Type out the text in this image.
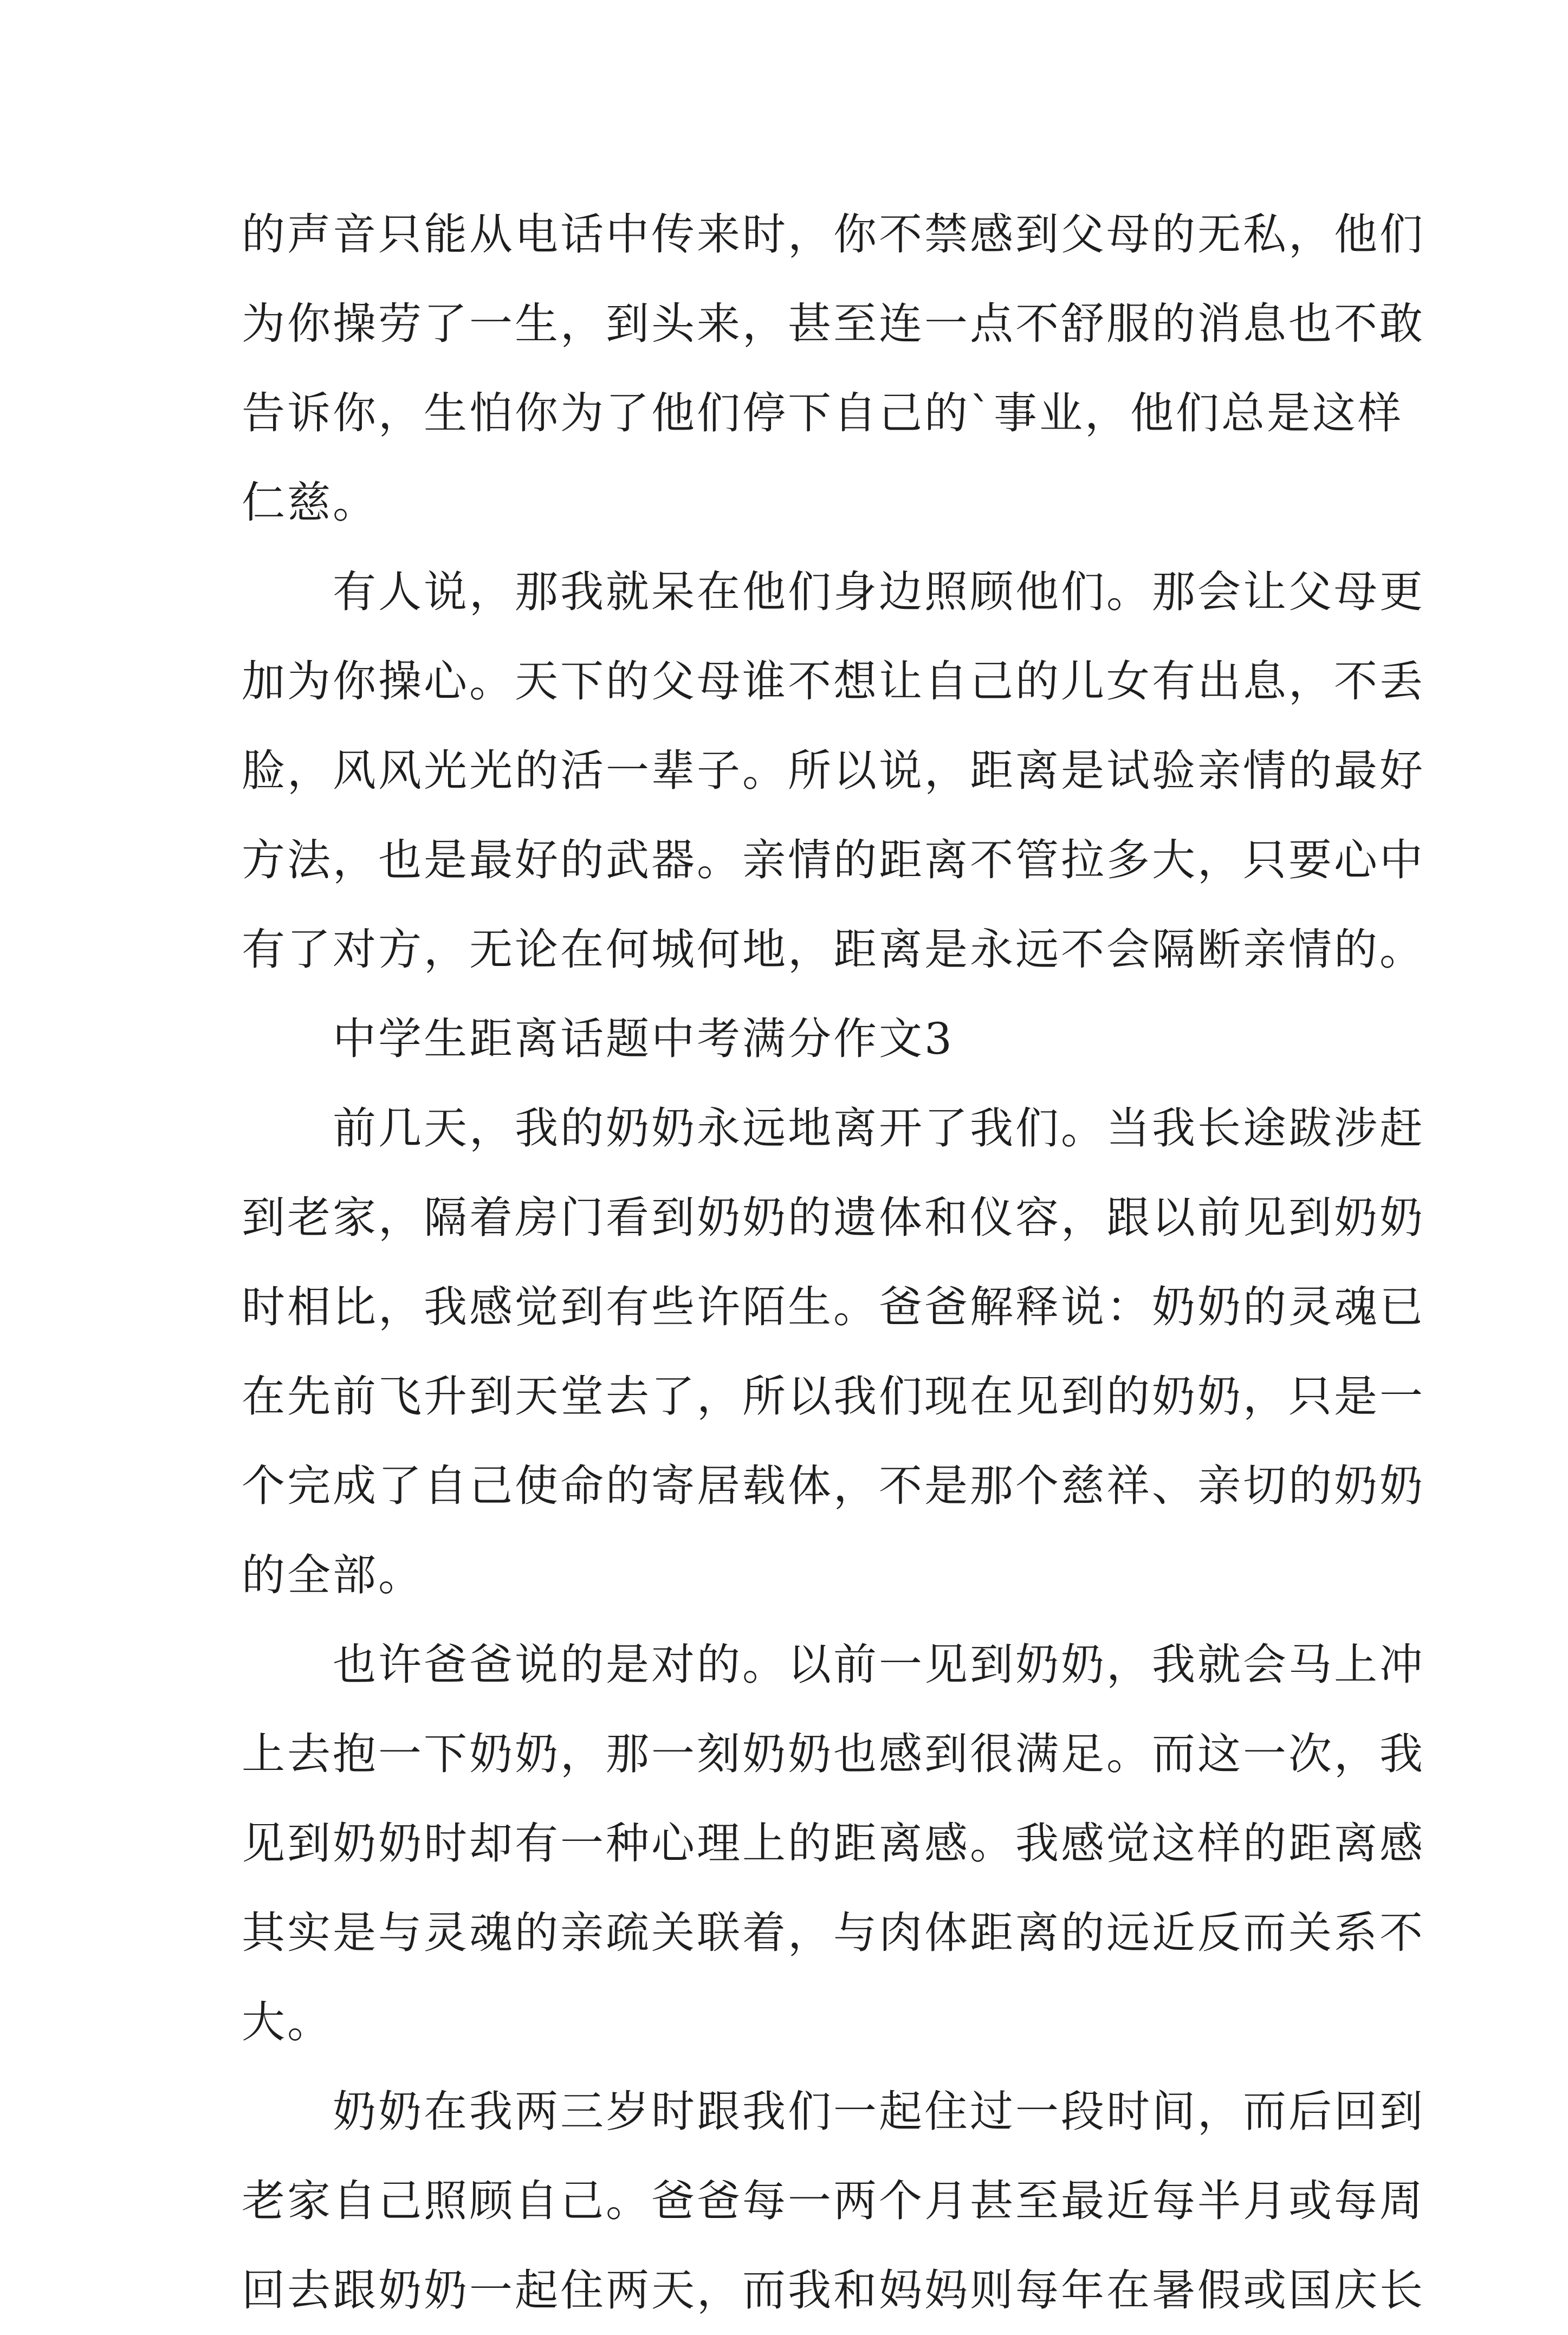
的声音只能从电话中传来时，你不禁感到父母的无私，他们
为你操劳了一生，到头来，甚至连一点不舒服的消息也不敢
告诉你，生怕你为了他们停下自己的`事业，他们总是这样
仁慈。
　　有人说，那我就呆在他们身边照顾他们。那会让父母更
加为你操心。天下的父母谁不想让自己的儿女有出息，不丢
脸，风风光光的活一辈子。所以说，距离是试验亲情的最好
方法，也是最好的武器。亲情的距离不管拉多大，只要心中
有了对方，无论在何城何地，距离是永远不会隔断亲情的。
　　中学生距离话题中考满分作文3
　　前几天，我的奶奶永远地离开了我们。当我长途跋涉赶
到老家，隔着房门看到奶奶的遗体和仪容，跟以前见到奶奶
时相比，我感觉到有些许陌生。爸爸解释说：奶奶的灵魂已
在先前飞升到天堂去了，所以我们现在见到的奶奶，只是一
个完成了自己使命的寄居载体，不是那个慈祥、亲切的奶奶
的全部。
　　也许爸爸说的是对的。以前一见到奶奶，我就会马上冲
上去抱一下奶奶，那一刻奶奶也感到很满足。而这一次，我
见到奶奶时却有一种心理上的距离感。我感觉这样的距离感
其实是与灵魂的亲疏关联着，与肉体距离的远近反而关系不
大。
　　奶奶在我两三岁时跟我们一起住过一段时间，而后回到
老家自己照顾自己。爸爸每一两个月甚至最近每半月或每周
回去跟奶奶一起住两天，而我和妈妈则每年在暑假或国庆长
